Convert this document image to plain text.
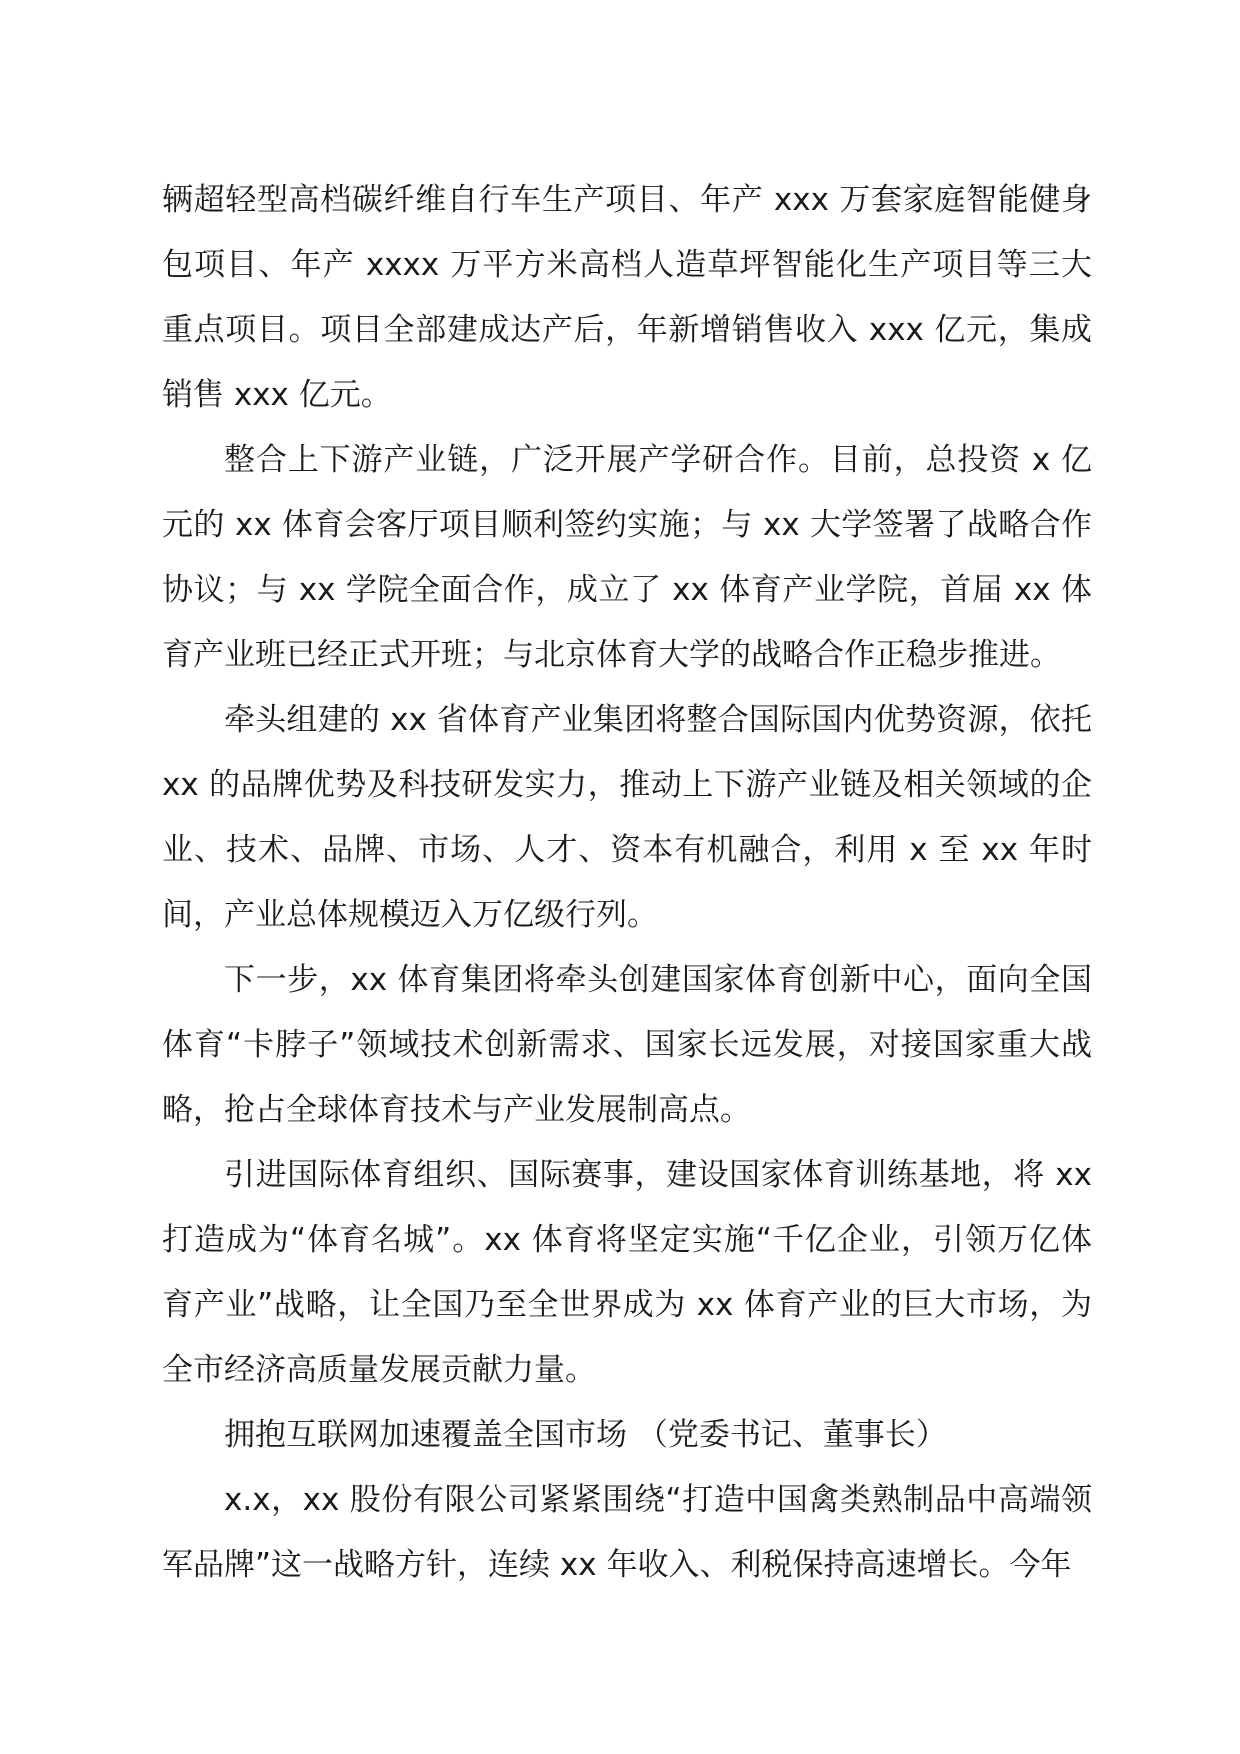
辆超轻型高档碳纤维自行车生产项目、年产 xxx 万套家庭智能健身包项目、年产 xxxx 万平方米高档人造草坪智能化生产项目等三大重点项目。项目全部建成达产后，年新增销售收入 xxx 亿元，集成销售 xxx 亿元。

整合上下游产业链，广泛开展产学研合作。目前，总投资 x 亿元的 xx 体育会客厅项目顺利签约实施；与 xx 大学签署了战略合作协议；与 xx 学院全面合作，成立了 xx 体育产业学院，首届 xx 体育产业班已经正式开班；与北京体育大学的战略合作正稳步推进。

牵头组建的 xx 省体育产业集团将整合国际国内优势资源，依托 xx 的品牌优势及科技研发实力，推动上下游产业链及相关领域的企业、技术、品牌、市场、人才、资本有机融合，利用 x 至 xx 年时间，产业总体规模迈入万亿级行列。

下一步，xx 体育集团将牵头创建国家体育创新中心，面向全国体育“卡脖子”领域技术创新需求、国家长远发展，对接国家重大战略，抢占全球体育技术与产业发展制高点。

引进国际体育组织、国际赛事，建设国家体育训练基地，将 xx 打造成为“体育名城”。xx 体育将坚定实施“千亿企业，引领万亿体育产业”战略，让全国乃至全世界成为 xx 体育产业的巨大市场，为全市经济高质量发展贡献力量。

拥抱互联网加速覆盖全国市场 （党委书记、董事长）

x.x，xx 股份有限公司紧紧围绕“打造中国禽类熟制品中高端领军品牌”这一战略方针，连续 xx 年收入、利税保持高速增长。今年
